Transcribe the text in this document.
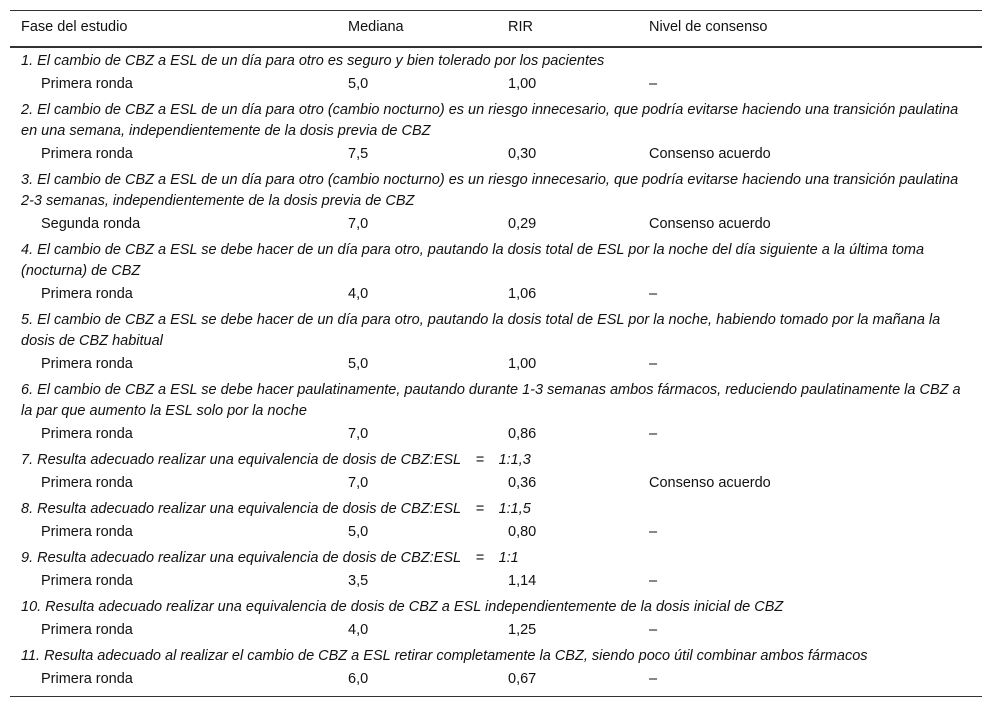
Fase del estudio	Mediana	RIR	Nivel de consenso
1. El cambio de CBZ a ESL de un día para otro es seguro y bien tolerado por los pacientes			
Primera ronda	5,0	1,00	–
2. El cambio de CBZ a ESL de un día para otro (cambio nocturno) es un riesgo innecesario, que podría evitarse haciendo una transición paulatina en una semana, independientemente de la dosis previa de CBZ			
Primera ronda	7,5	0,30	Consenso acuerdo
3. El cambio de CBZ a ESL de un día para otro (cambio nocturno) es un riesgo innecesario, que podría evitarse haciendo una transición paulatina 2-3 semanas, independientemente de la dosis previa de CBZ			
Segunda ronda	7,0	0,29	Consenso acuerdo
4. El cambio de CBZ a ESL se debe hacer de un día para otro, pautando la dosis total de ESL por la noche del día siguiente a la última toma (nocturna) de CBZ			
Primera ronda	4,0	1,06	–
5. El cambio de CBZ a ESL se debe hacer de un día para otro, pautando la dosis total de ESL por la noche, habiendo tomado por la mañana la dosis de CBZ habitual			
Primera ronda	5,0	1,00	–
6. El cambio de CBZ a ESL se debe hacer paulatinamente, pautando durante 1-3 semanas ambos fármacos, reduciendo paulatinamente la CBZ a la par que aumento la ESL solo por la noche			
Primera ronda	7,0	0,86	–
7. Resulta adecuado realizar una equivalencia de dosis de CBZ:ESL = 1:1,3			
Primera ronda	7,0	0,36	Consenso acuerdo
8. Resulta adecuado realizar una equivalencia de dosis de CBZ:ESL = 1:1,5			
Primera ronda	5,0	0,80	–
9. Resulta adecuado realizar una equivalencia de dosis de CBZ:ESL = 1:1			
Primera ronda	3,5	1,14	–
10. Resulta adecuado realizar una equivalencia de dosis de CBZ a ESL independientemente de la dosis inicial de CBZ			
Primera ronda	4,0	1,25	–
11. Resulta adecuado al realizar el cambio de CBZ a ESL retirar completamente la CBZ, siendo poco útil combinar ambos fármacos			
Primera ronda	6,0	0,67	–
